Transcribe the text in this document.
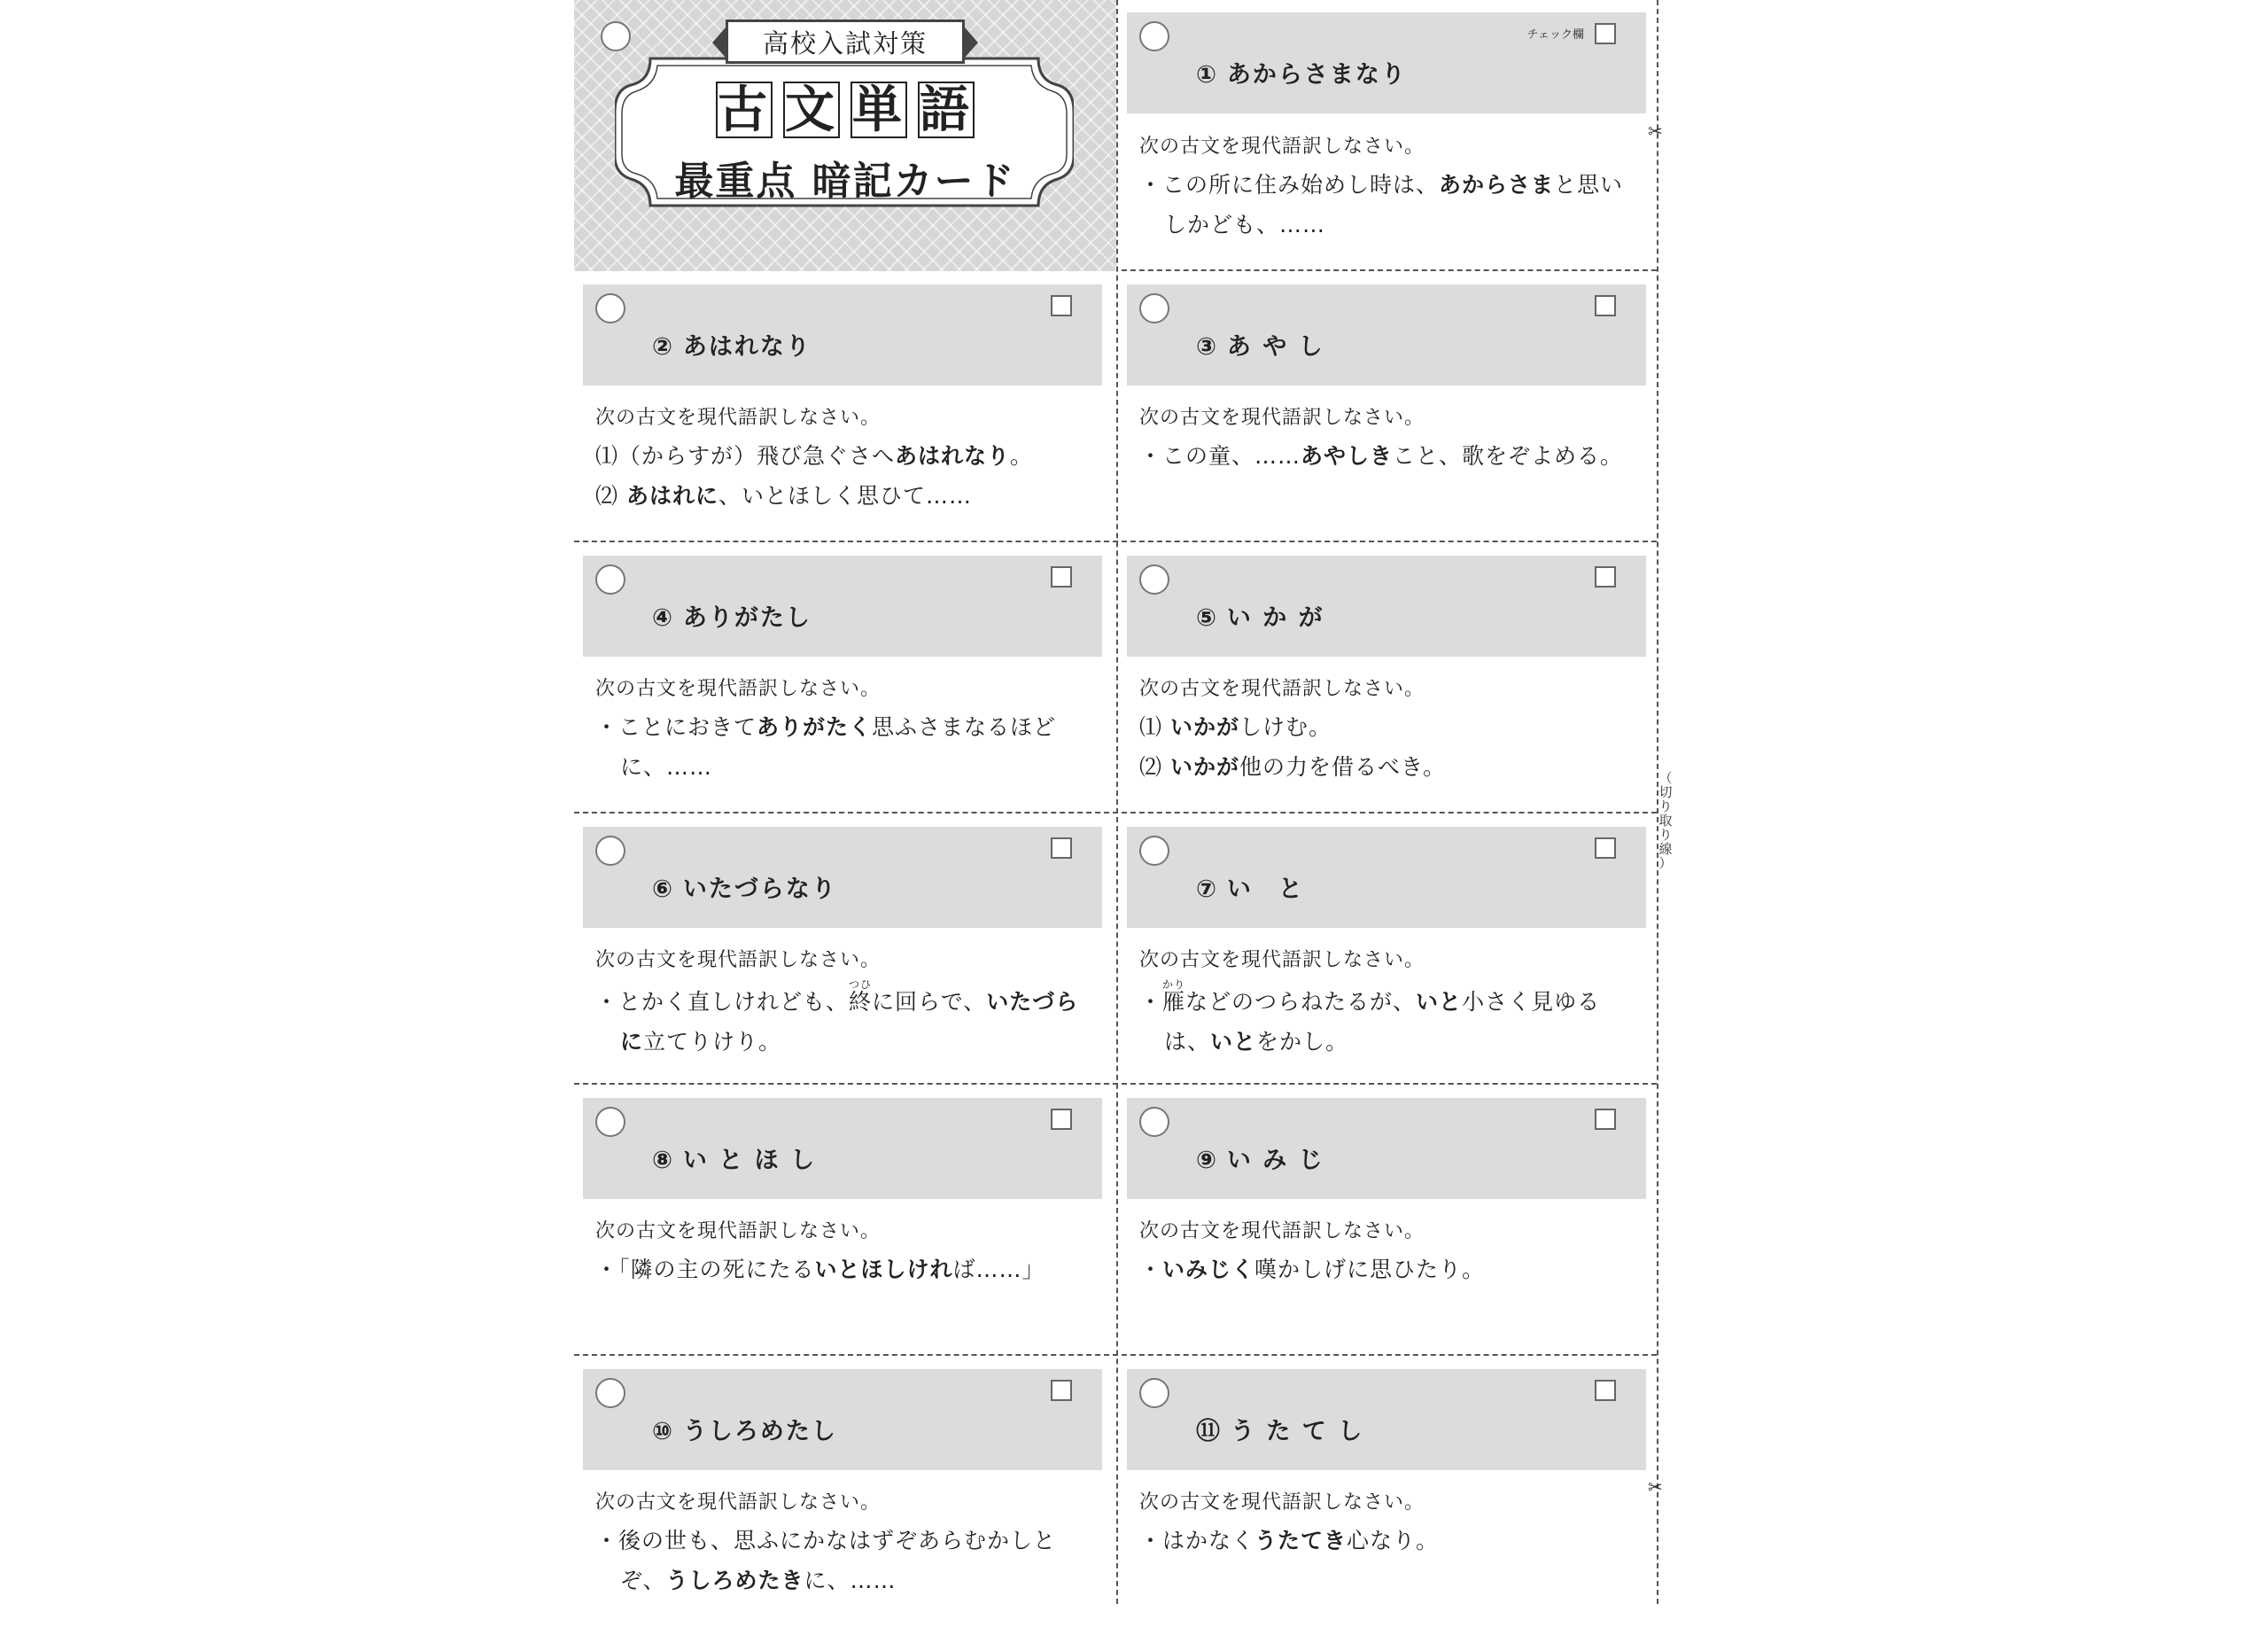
高校入試対策
古 文 単 語
最重点 暗記カード
チェック欄
① あからさまなり
次の古文を現代語訳しなさい。
・この所に住み始めし時は、あからさまと思いしかども、……
② あはれなり
次の古文を現代語訳しなさい。
⑴（からすが）飛び急ぐさへあはれなり。
⑵ あはれに、いとほしく思ひて……
③ あ や し
次の古文を現代語訳しなさい。
・この童、……あやしきこと、歌をぞよめる。
④ ありがたし
次の古文を現代語訳しなさい。
・ことにおきてありがたく思ふさまなるほどに、……
⑤ い か が
次の古文を現代語訳しなさい。
⑴ いかがしけむ。
⑵ いかが他の力を借るべき。
⑥ いたづらなり
次の古文を現代語訳しなさい。
・とかく直しけれども、終つひに回らで、いたづらに立てりけり。
⑦ い　と
次の古文を現代語訳しなさい。
・雁かりなどのつらねたるが、いと小さく見ゆるは、いとをかし。
⑧ い と ほ し
次の古文を現代語訳しなさい。
・「隣の主の死にたるいとほしければ……」
⑨ い み じ
次の古文を現代語訳しなさい。
・いみじく嘆かしげに思ひたり。
⑩ うしろめたし
次の古文を現代語訳しなさい。
・後の世も、思ふにかなはずぞあらむかしとぞ、うしろめたきに、……
⑪ う た て し
次の古文を現代語訳しなさい。
・はかなくうたてき心なり。
✂
✂
（
切
り
取
り
線
）
